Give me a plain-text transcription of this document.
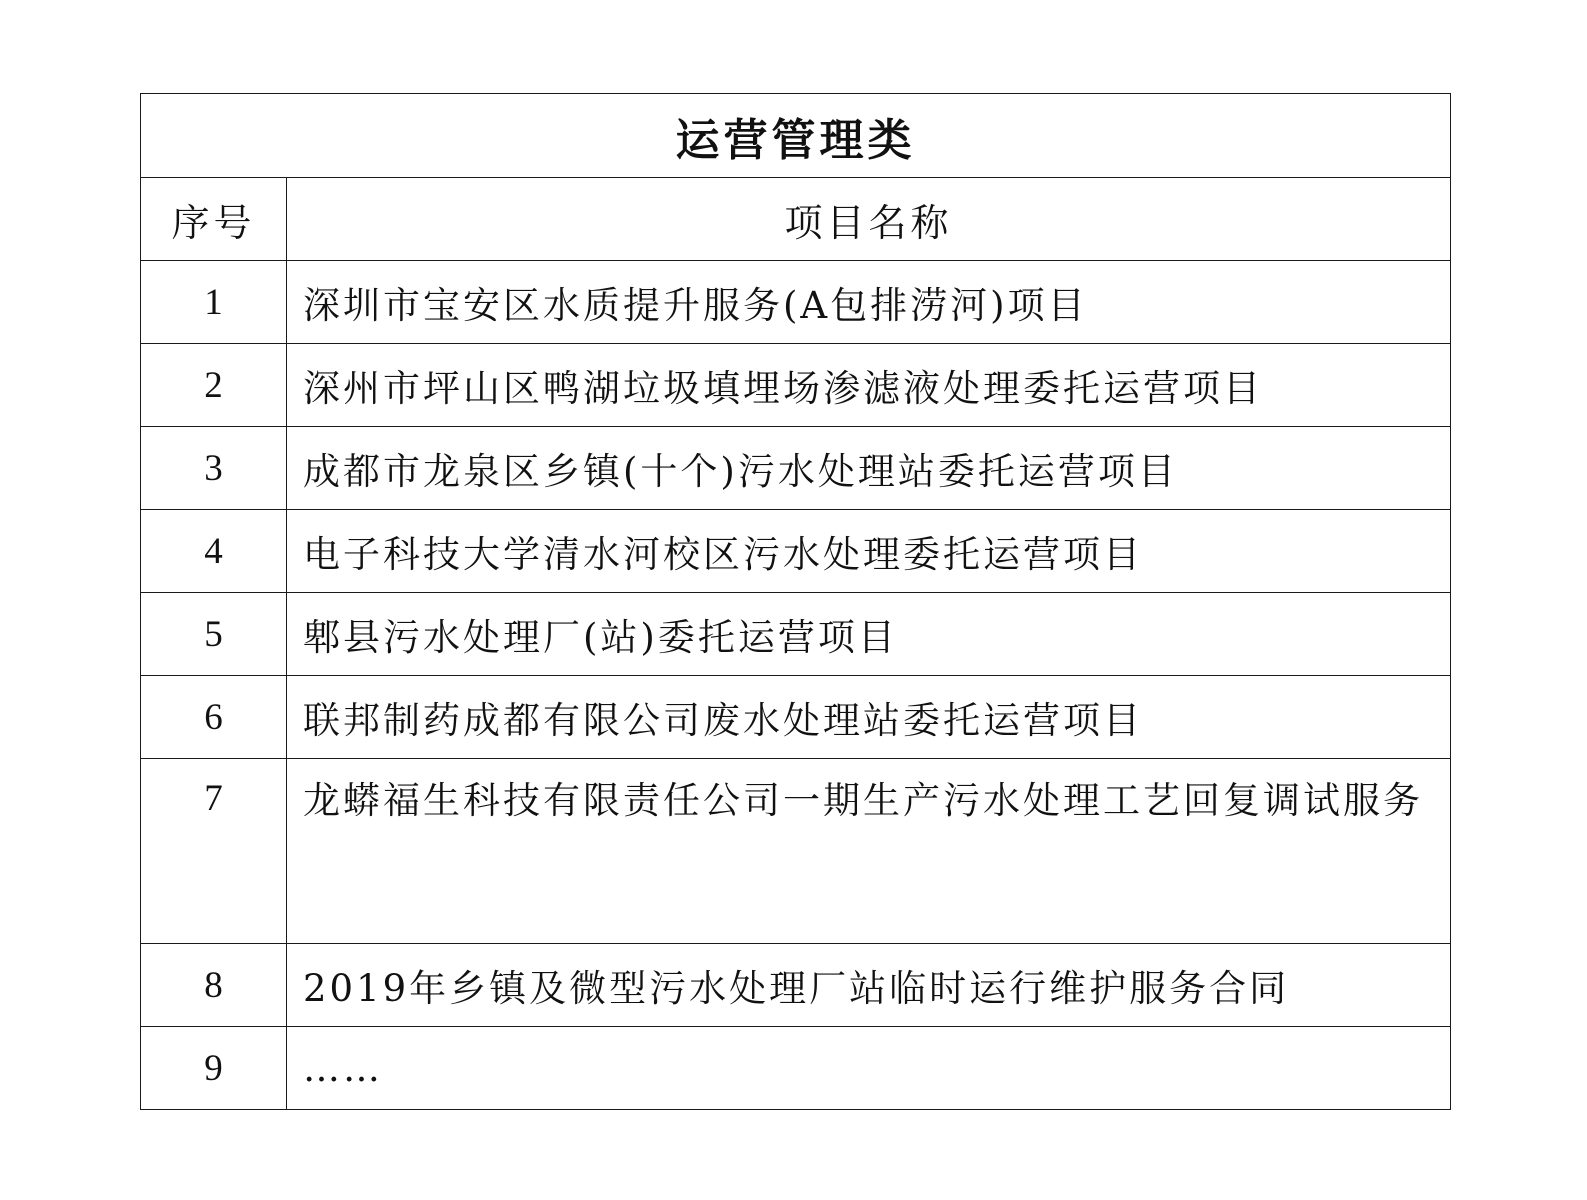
运营管理类	
序号	项目名称
1	深圳市宝安区水质提升服务(A包排涝河)项目
2	深州市坪山区鸭湖垃圾填埋场渗滤液处理委托运营项目
3	成都市龙泉区乡镇(十个)污水处理站委托运营项目
4	电子科技大学清水河校区污水处理委托运营项目
5	郫县污水处理厂(站)委托运营项目
6	联邦制药成都有限公司废水处理站委托运营项目
7	龙蟒福生科技有限责任公司一期生产污水处理工艺回复调试服务
8	2019年乡镇及微型污水处理厂站临时运行维护服务合同
9	……
